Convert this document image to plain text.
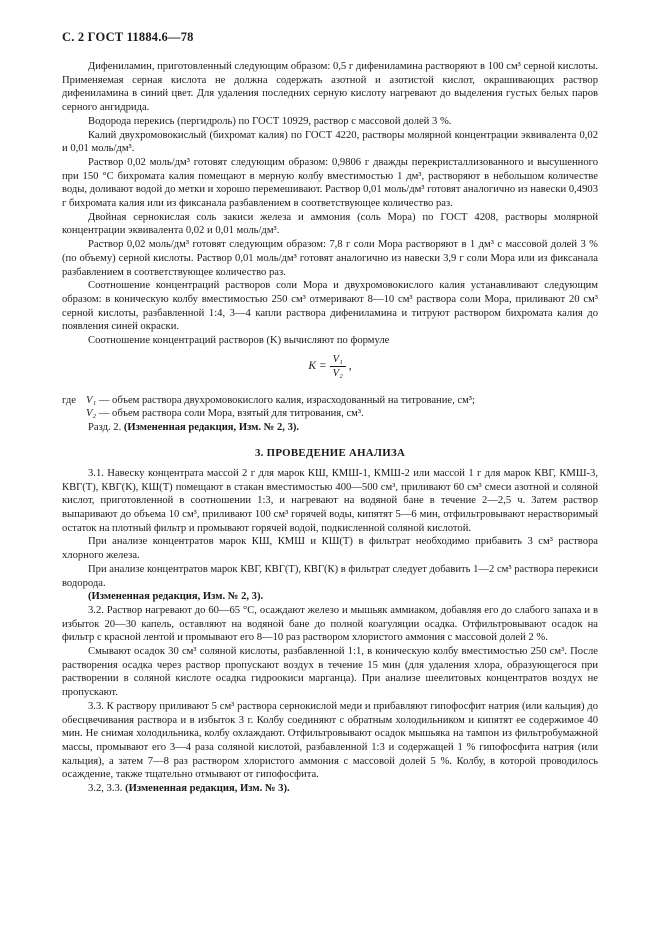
С. 2 ГОСТ 11884.6—78

Дифениламин, приготовленный следующим образом: 0,5 г дифениламина растворяют в 100 см³ серной кислоты. Применяемая серная кислота не должна содержать азотной и азотистой кислот, окрашивающих раствор дифениламина в синий цвет. Для удаления последних серную кислоту нагревают до выделения густых белых паров серного ангидрида.

Водорода перекись (пергидроль) по ГОСТ 10929, раствор с массовой долей 3 %.

Калий двухромовокислый (бихромат калия) по ГОСТ 4220, растворы молярной концентрации эквивалента 0,02 и 0,01 моль/дм³.

Раствор 0,02 моль/дм³ готовят следующим образом: 0,9806 г дважды перекристаллизованного и высушенного при 150 °С бихромата калия помещают в мерную колбу вместимостью 1 дм³, растворяют в небольшом количестве воды, доливают водой до метки и хорошо перемешивают. Раствор 0,01 моль/дм³ готовят аналогично из навески 0,4903 г бихромата калия или из фиксанала разбавлением в соответствующее количество раз.

Двойная сернокислая соль закиси железа и аммония (соль Мора) по ГОСТ 4208, растворы молярной концентрации эквивалента 0,02 и 0,01 моль/дм³.

Раствор 0,02 моль/дм³ готовят следующим образом: 7,8 г соли Мора растворяют в 1 дм³ с массовой долей 3 % (по объему) серной кислоты. Раствор 0,01 моль/дм³ готовят аналогично из навески 3,9 г соли Мора или из фиксанала разбавлением в соответствующее количество раз.

Соотношение концентраций растворов соли Мора и двухромовокислого калия устанавливают следующим образом: в коническую колбу вместимостью 250 см³ отмеривают 8—10 см³ раствора соли Мора, приливают 20 см³ серной кислоты, разбавленной 1:4, 3—4 капли раствора дифениламина и титруют раствором бихромата калия до появления синей окраски.

Соотношение концентраций растворов (K) вычисляют по формуле

$K = \frac{\text{V₁}}{\text{V₂}}$ ,
где V₁ — объем раствора двухромовокислого калия, израсходованный на титрование, см³;
V₂ — объем раствора соли Мора, взятый для титрования, см³.

Разд. 2. (Измененная редакция, Изм. № 2, 3).

3. ПРОВЕДЕНИЕ АНАЛИЗА

3.1. Навеску концентрата массой 2 г для марок КШ, КМШ-1, КМШ-2 или массой 1 г для марок КВГ, КМШ-3, КВГ(Т), КВГ(К), КШ(Т) помещают в стакан вместимостью 400—500 см³, приливают 60 см³ смеси азотной и соляной кислот, приготовленной в соотношении 1:3, и нагревают на водяной бане в течение 2—2,5 ч. Затем раствор выпаривают до объема 10 см³, приливают 100 см³ горячей воды, кипятят 5—6 мин, отфильтровывают нерастворимый остаток на плотный фильтр и промывают горячей водой, подкисленной соляной кислотой.

При анализе концентратов марок КШ, КМШ и КШ(Т) в фильтрат необходимо прибавить 3 см³ раствора хлорного железа.

При анализе концентратов марок КВГ, КВГ(Т), КВГ(К) в фильтрат следует добавить 1—2 см³ раствора перекиси водорода.

(Измененная редакция, Изм. № 2, 3).

3.2. Раствор нагревают до 60—65 °С, осаждают железо и мышьяк аммиаком, добавляя его до слабого запаха и в избыток 20—30 капель, оставляют на водяной бане до полной коагуляции осадка. Отфильтровывают осадок на фильтр с красной лентой и промывают его 8—10 раз раствором хлористого аммония с массовой долей 2 %.

Смывают осадок 30 см³ соляной кислоты, разбавленной 1:1, в коническую колбу вместимостью 250 см³. После растворения осадка через раствор пропускают воздух в течение 15 мин (для удаления хлора, образующегося при растворении в соляной кислоте осадка гидроокиси марганца). При анализе шеелитовых концентратов воздух не пропускают.

3.3. К раствору приливают 5 см³ раствора сернокислой меди и прибавляют гипофосфит натрия (или кальция) до обесцвечивания раствора и в избыток 3 г. Колбу соединяют с обратным холодильником и кипятят ее содержимое 40 мин. Не снимая холодильника, колбу охлаждают. Отфильтровывают осадок мышьяка на тампон из фильтробумажной массы, промывают его 3—4 раза соляной кислотой, разбавленной 1:3 и содержащей 1 % гипофосфита натрия (или кальция), а затем 7—8 раз раствором хлористого аммония с массовой долей 5 %. Колбу, в которой проводилось осаждение, также тщательно отмывают от гипофосфита.

3.2, 3.3. (Измененная редакция, Изм. № 3).
